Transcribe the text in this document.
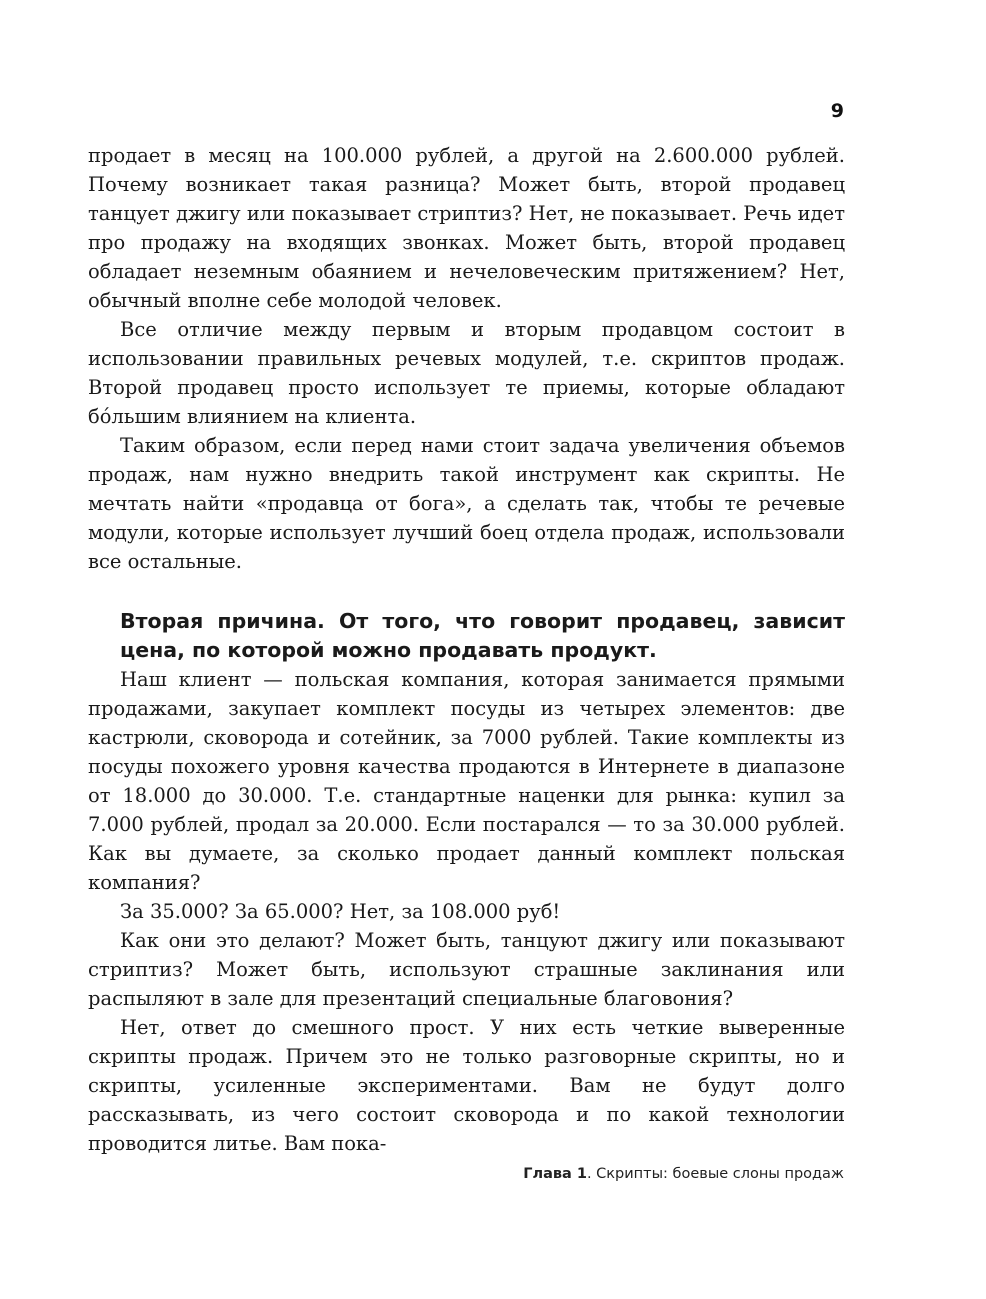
9

продает в месяц на 100.000 рублей, а другой на 2.600.000 рублей. Почему возникает такая разница? Может быть, второй продавец танцует джигу или показывает стриптиз? Нет, не показывает. Речь идет про продажу на входящих звонках. Может быть, второй продавец обладает неземным обаянием и нечеловеческим притяжением? Нет, обычный вполне себе молодой человек.

Все отличие между первым и вторым продавцом состоит в использовании правильных речевых модулей, т.е. скриптов продаж. Второй продавец просто использует те приемы, которые обладают бóльшим влиянием на клиента.

Таким образом, если перед нами стоит задача увеличения объемов продаж, нам нужно внедрить такой инструмент как скрипты. Не мечтать найти «продавца от бога», а сделать так, чтобы те речевые модули, которые использует лучший боец отдела продаж, использовали все остальные.

Вторая причина. От того, что говорит продавец, зависит цена, по которой можно продавать продукт.

Наш клиент — польская компания, которая занимается прямыми продажами, закупает комплект посуды из четырех элементов: две кастрюли, сковорода и сотейник, за 7000 рублей. Такие комплекты из посуды похожего уровня качества продаются в Интернете в диапазоне от 18.000 до 30.000. Т.е. стандартные наценки для рынка: купил за 7.000 рублей, продал за 20.000. Если постарался — то за 30.000 рублей. Как вы думаете, за сколько продает данный комплект польская компания?

За 35.000? За 65.000? Нет, за 108.000 руб!

Как они это делают? Может быть, танцуют джигу или показывают стриптиз? Может быть, используют страшные заклинания или распыляют в зале для презентаций специальные благовония?

Нет, ответ до смешного прост. У них есть четкие выверенные скрипты продаж. Причем это не только разговорные скрипты, но и скрипты, усиленные экспериментами. Вам не будут долго рассказывать, из чего состоит сковорода и по какой технологии проводится литье. Вам пока-

Глава 1. Скрипты: боевые слоны продаж
